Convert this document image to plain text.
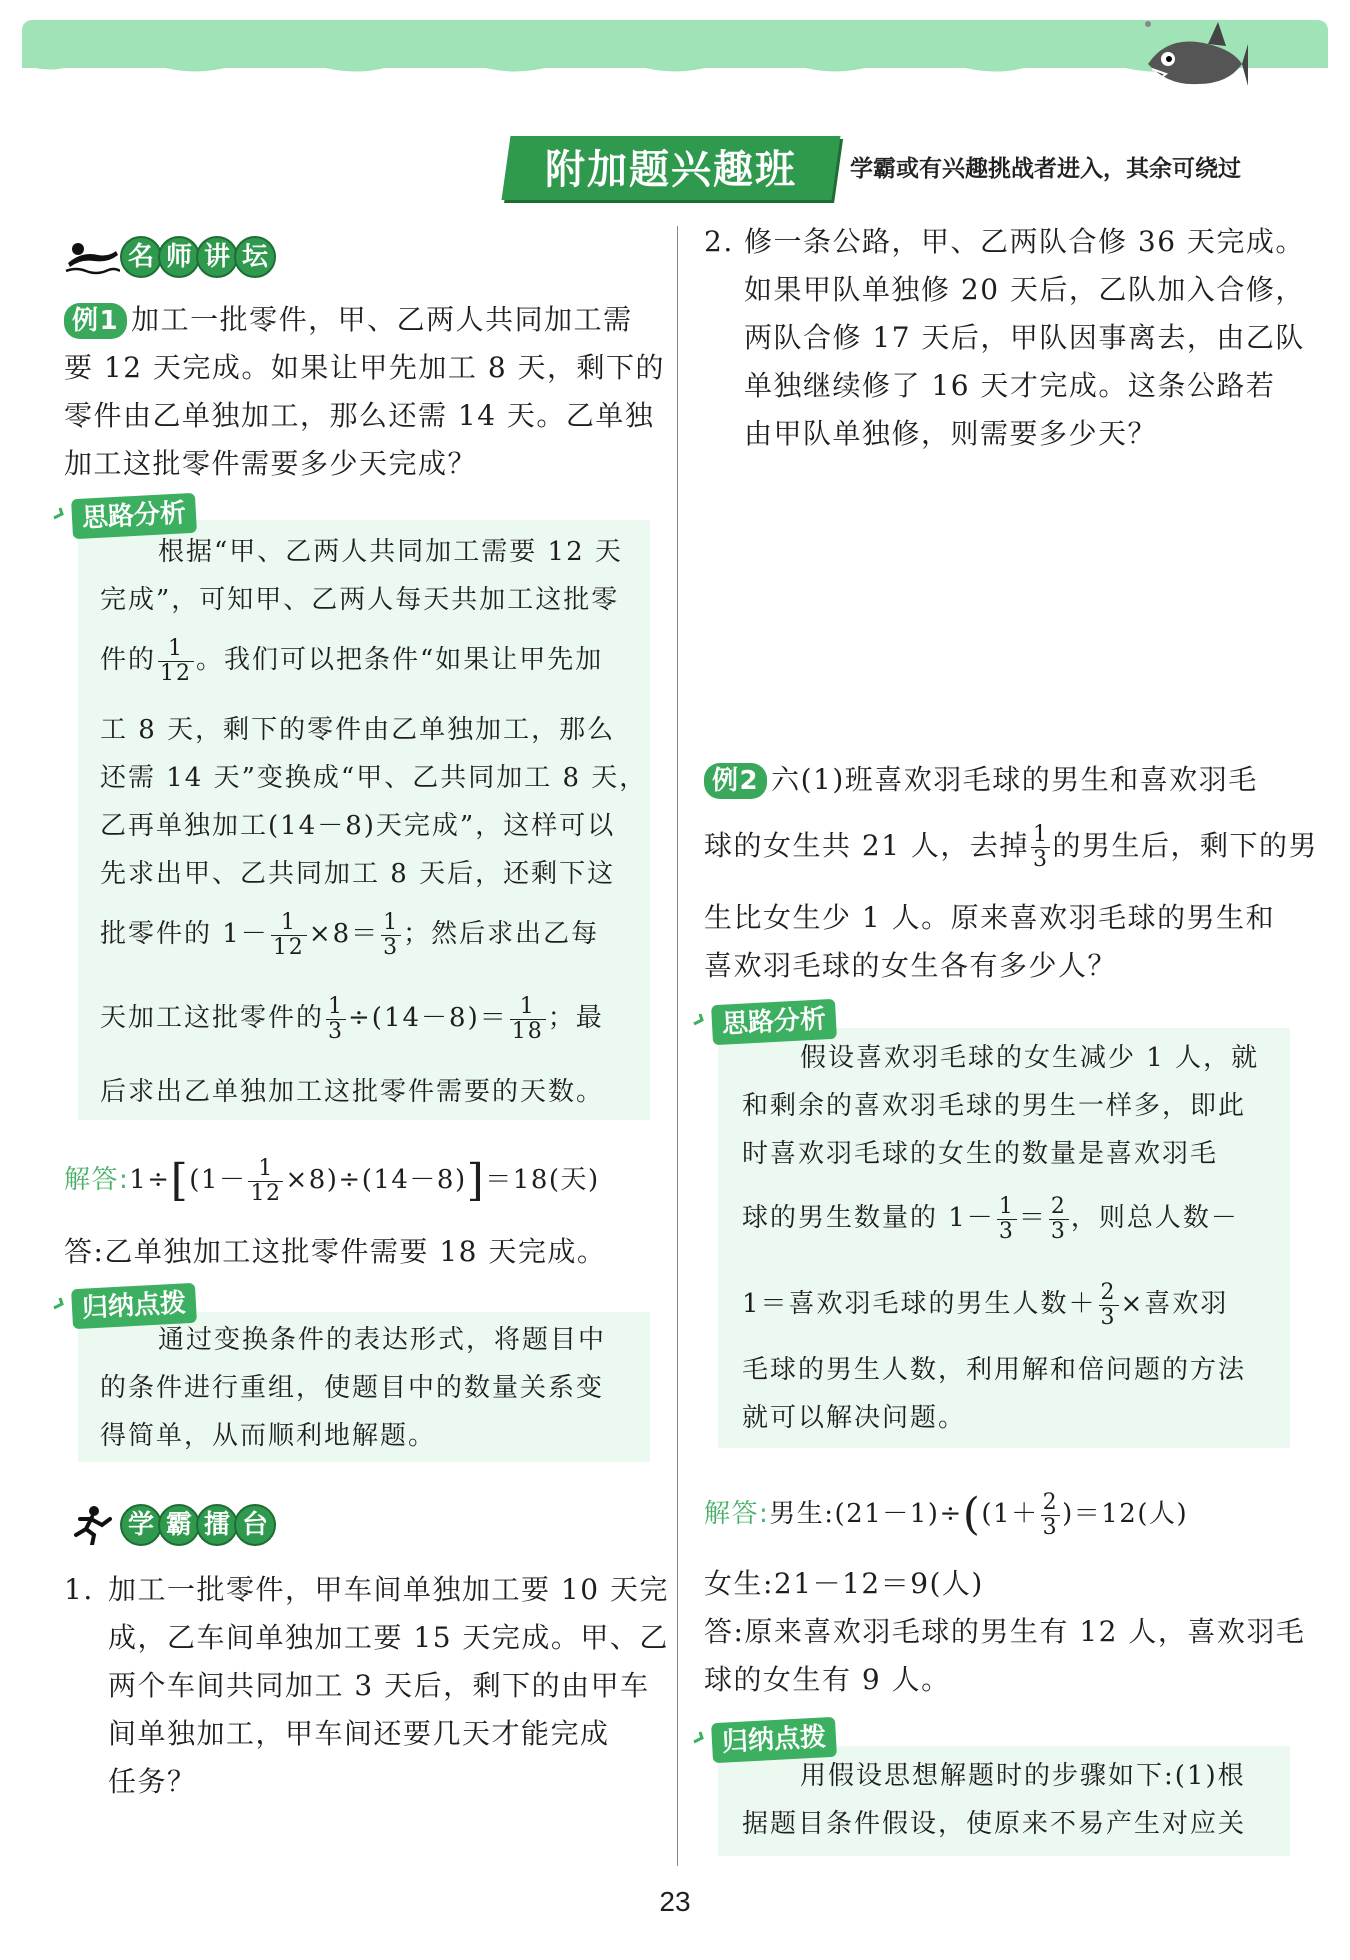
附加题兴趣班	学霸或有兴趣挑战者进入，其余可绕过
名 师 讲 坛
例1 加工一批零件，甲、乙两人共同加工需
要 12 天完成。如果让甲先加工 8 天，剩下的
零件由乙单独加工，那么还需 14 天。乙单独
加工这批零件需要多少天完成？
思路分析
根据“甲、乙两人共同加工需要 12 天
完成”，可知甲、乙两人每天共加工这批零
件的 $\frac{1}{12}$ 。我们可以把条件“如果让甲先加
工 8 天，剩下的零件由乙单独加工，那么
还需 14 天”变换成“甲、乙共同加工 8 天，
乙再单独加工(14－8)天完成”，这样可以
先求出甲、乙共同加工 8 天后，还剩下这
批零件的 $1- \frac{1}{12} \times 8= \frac{1}{3}$ ；然后求出乙每
天加工这批零件的 $\frac{1}{3} \div(14-8)= \frac{1}{18}$ ；最
后求出乙单独加工这批零件需要的天数。
解答:1÷[(1－ $\frac{1}{12} \times 8)\div(14-8)]=18$(天)
答:乙单独加工这批零件需要 18 天完成。
归纳点拨
通过变换条件的表达形式，将题目中
的条件进行重组，使题目中的数量关系变
得简单，从而顺利地解题。
学 霸 擂 台
1. 加工一批零件，甲车间单独加工要 10 天完
成，乙车间单独加工要 15 天完成。甲、乙
两个车间共同加工 3 天后，剩下的由甲车
间单独加工，甲车间还要几天才能完成
任务？
2. 修一条公路，甲、乙两队合修 36 天完成。
如果甲队单独修 20 天后，乙队加入合修，
两队合修 17 天后，甲队因事离去，由乙队
单独继续修了 16 天才完成。这条公路若
由甲队单独修，则需要多少天？
例2 六(1)班喜欢羽毛球的男生和喜欢羽毛
球的女生共 21 人，去掉 $\frac{1}{3}$ 的男生后，剩下的男
生比女生少 1 人。原来喜欢羽毛球的男生和
喜欢羽毛球的女生各有多少人？
思路分析
假设喜欢羽毛球的女生减少 1 人，就
和剩余的喜欢羽毛球的男生一样多，即此
时喜欢羽毛球的女生的数量是喜欢羽毛
球的男生数量的 $1- \frac{1}{3} = \frac{2}{3}$ ，则总人数－
1＝喜欢羽毛球的男生人数＋ $\frac{2}{3}$ ×喜欢羽
毛球的男生人数，利用解和倍问题的方法
就可以解决问题。
解答:男生:(21－1)÷((1＋ $\frac{2}{3} )=12$(人)
女生:21－12＝9(人)
答:原来喜欢羽毛球的男生有 12 人，喜欢羽毛
球的女生有 9 人。
归纳点拨
用假设思想解题时的步骤如下:(1)根
据题目条件假设，使原来不易产生对应关
23
